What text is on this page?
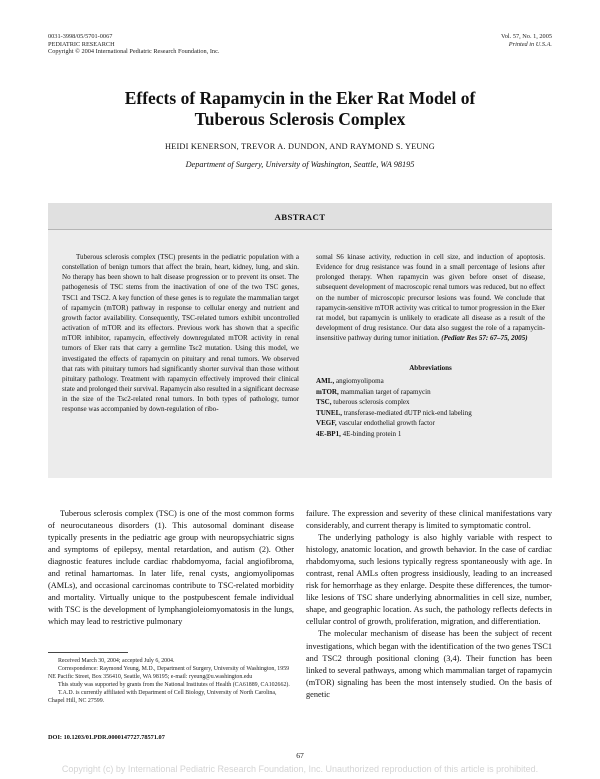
0031-3998/05/5701-0067
PEDIATRIC RESEARCH
Copyright © 2004 International Pediatric Research Foundation, Inc.
Vol. 57, No. 1, 2005
Printed in U.S.A.
Effects of Rapamycin in the Eker Rat Model of
Tuberous Sclerosis Complex
HEIDI KENERSON, TREVOR A. DUNDON, AND RAYMOND S. YEUNG
Department of Surgery, University of Washington, Seattle, WA 98195
ABSTRACT

Tuberous sclerosis complex (TSC) presents in the pediatric population with a constellation of benign tumors that affect the brain, heart, kidney, lung, and skin. No therapy has been shown to halt disease progression or to prevent its onset. The pathogenesis of TSC stems from the inactivation of one of the two TSC genes, TSC1 and TSC2. A key function of these genes is to regulate the mammalian target of rapamycin (mTOR) pathway in response to cellular energy and nutrient and growth factor availability. Consequently, TSC-related tumors exhibit uncontrolled activation of mTOR and its effectors. Previous work has shown that a specific mTOR inhibitor, rapamycin, effectively downregulated mTOR activity in renal tumors of Eker rats that carry a germline Tsc2 mutation. Using this model, we investigated the effects of rapamycin on pituitary and renal tumors. We observed that rats with pituitary tumors had significantly shorter survival than those without pituitary pathology. Treatment with rapamycin effectively improved their clinical state and prolonged their survival. Rapamycin also resulted in a significant decrease in the size of the Tsc2-related renal tumors. In both types of pathology, tumor response was accompanied by down-regulation of ribo-

somal S6 kinase activity, reduction in cell size, and induction of apoptosis. Evidence for drug resistance was found in a small percentage of lesions after prolonged therapy. When rapamycin was given before onset of disease, subsequent development of macroscopic renal tumors was reduced, but no effect on the number of microscopic precursor lesions was found. We conclude that rapamycin-sensitive mTOR activity was critical to tumor progression in the Eker rat model, but rapamycin is unlikely to eradicate all disease as a result of the development of drug resistance. Our data also suggest the role of a rapamycin-insensitive pathway during tumor initiation. (Pediatr Res 57: 67–75, 2005)

Abbreviations
AML, angiomyolipoma
mTOR, mammalian target of rapamycin
TSC, tuberous sclerosis complex
TUNEL, transferase-mediated dUTP nick-end labeling
VEGF, vascular endothelial growth factor
4E-BP1, 4E-binding protein 1

Tuberous sclerosis complex (TSC) is one of the most common forms of neurocutaneous disorders (1). This autosomal dominant disease typically presents in the pediatric age group with neuropsychiatric signs and symptoms of epilepsy, mental retardation, and autism (2). Other diagnostic features include cardiac rhabdomyoma, facial angiofibroma, and retinal hamartomas. In later life, renal cysts, angiomyolipomas (AMLs), and occasional carcinomas contribute to TSC-related morbidity and mortality. Virtually unique to the postpubescent female individual with TSC is the development of lymphangioleiomyomatosis in the lungs, which may lead to restrictive pulmonary

failure. The expression and severity of these clinical manifestations vary considerably, and current therapy is limited to symptomatic control.

The underlying pathology is also highly variable with respect to histology, anatomic location, and growth behavior. In the case of cardiac rhabdomyoma, such lesions typically regress spontaneously with age. In contrast, renal AMLs often progress insidiously, leading to an increased risk for hemorrhage as they enlarge. Despite these differences, the tumor-like lesions of TSC share underlying abnormalities in cell size, number, shape, and geographic location. As such, the pathology reflects defects in cellular control of growth, proliferation, migration, and differentiation.

The molecular mechanism of disease has been the subject of recent investigations, which began with the identification of the two genes TSC1 and TSC2 through positional cloning (3,4). Their function has been linked to several pathways, among which mammalian target of rapamycin (mTOR) signaling has been the most intensely studied. On the basis of genetic

Received March 30, 2004; accepted July 6, 2004.

Correspondence: Raymond Yeung, M.D., Department of Surgery, University of Washington, 1959 NE Pacific Street, Box 356410, Seattle, WA 98195; e-mail: ryeung@u.washington.edu

This study was supported by grants from the National Institutes of Health (CA61889, CA102662).

T.A.D. is currently affiliated with Department of Cell Biology, University of North Carolina, Chapel Hill, NC 27599.

DOI: 10.1203/01.PDR.0000147727.78571.07
67
Copyright (c) by International Pediatric Research Foundation, Inc. Unauthorized reproduction of this article is prohibited.
